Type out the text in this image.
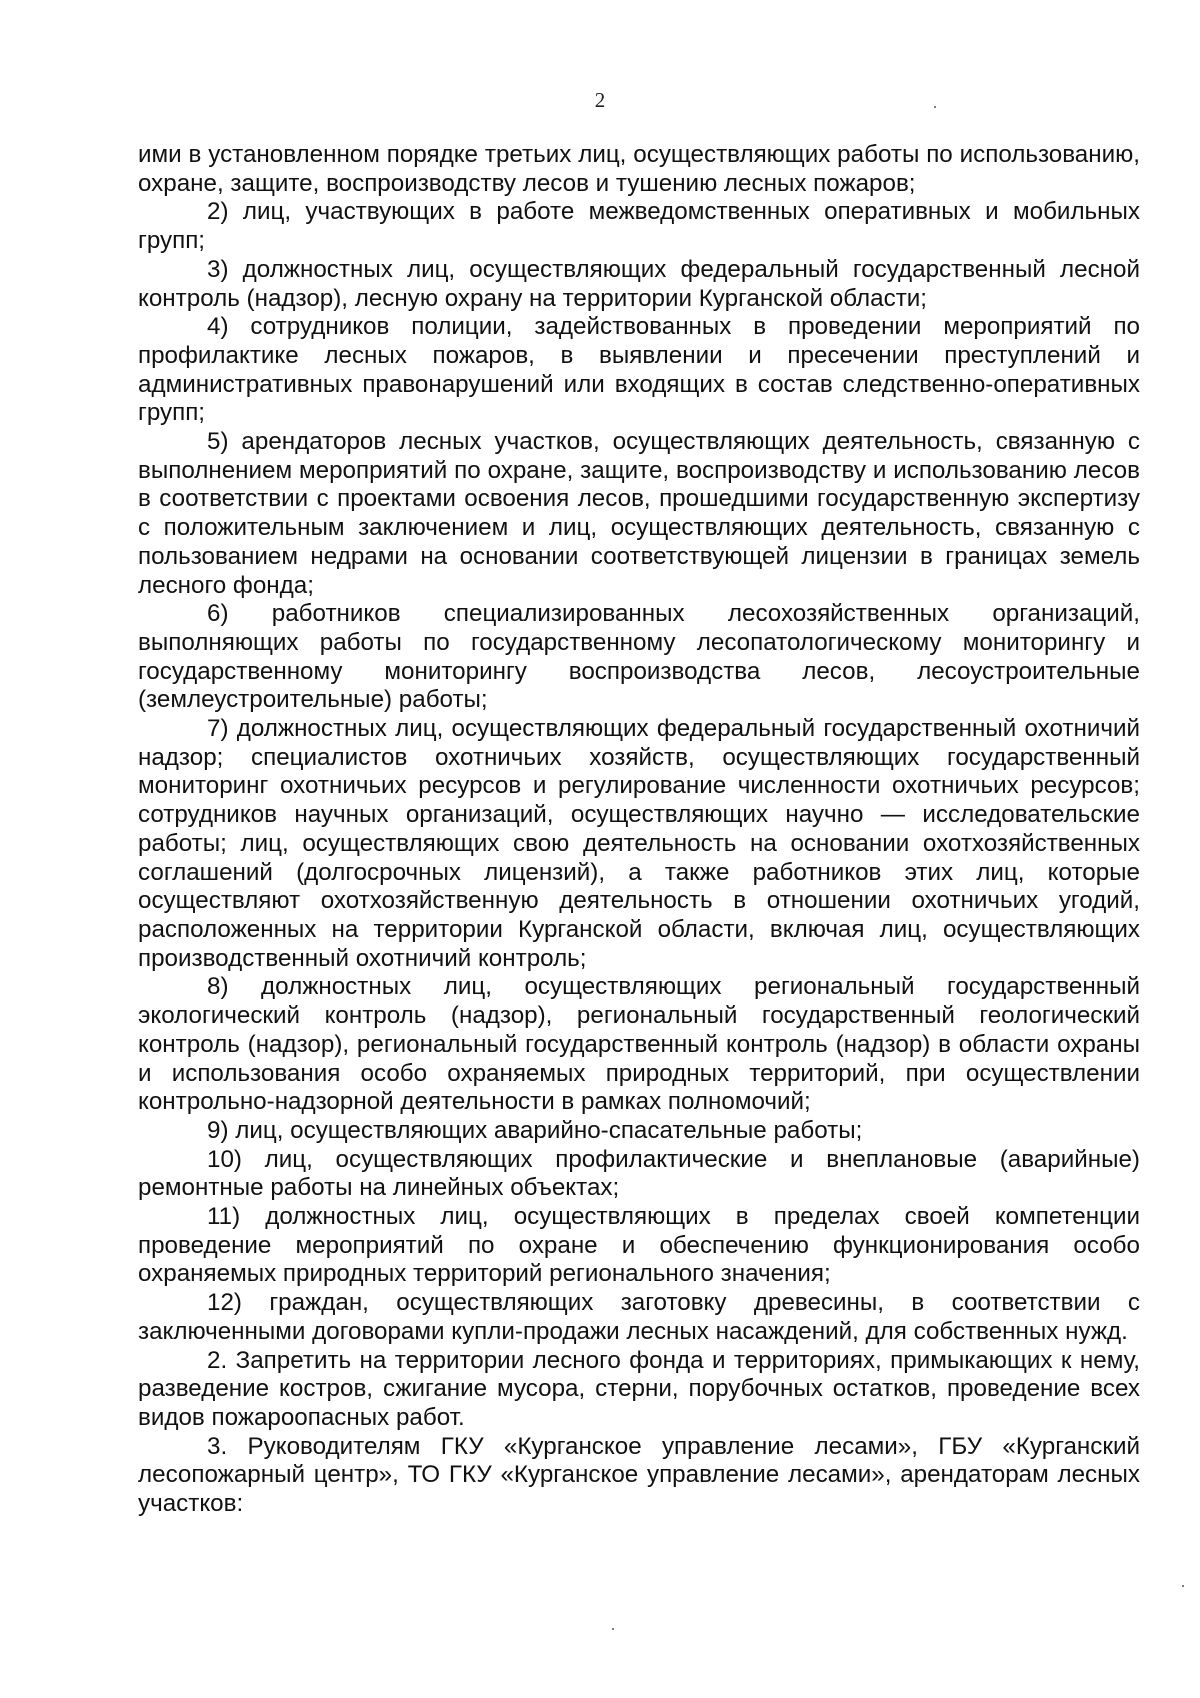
2

ими в установленном порядке третьих лиц, осуществляющих работы по использованию, охране, защите, воспроизводству лесов и тушению лесных пожаров;

2) лиц, участвующих в работе межведомственных оперативных и мобильных групп;

3) должностных лиц, осуществляющих федеральный государственный лесной контроль (надзор), лесную охрану на территории Курганской области;

4) сотрудников полиции, задействованных в проведении мероприятий по профилактике лесных пожаров, в выявлении и пресечении преступлений и административных правонарушений или входящих в состав следственно-оперативных групп;

5) арендаторов лесных участков, осуществляющих деятельность, связанную с выполнением мероприятий по охране, защите, воспроизводству и использованию лесов в соответствии с проектами освоения лесов, прошедшими государственную экспертизу с положительным заключением и лиц, осуществляющих деятельность, связанную с пользованием недрами на основании соответствующей лицензии в границах земель лесного фонда;

6) работников специализированных лесохозяйственных организаций, выполняющих работы по государственному лесопатологическому мониторингу и государственному мониторингу воспроизводства лесов, лесоустроительные (землеустроительные) работы;

7) должностных лиц, осуществляющих федеральный государственный охотничий надзор; специалистов охотничьих хозяйств, осуществляющих государственный мониторинг охотничьих ресурсов и регулирование численности охотничьих ресурсов; сотрудников научных организаций, осуществляющих научно — исследовательские работы; лиц, осуществляющих свою деятельность на основании охотхозяйственных соглашений (долгосрочных лицензий), а также работников этих лиц, которые осуществляют охотхозяйственную деятельность в отношении охотничьих угодий, расположенных на территории Курганской области, включая лиц, осуществляющих производственный охотничий контроль;

8) должностных лиц, осуществляющих региональный государственный экологический контроль (надзор), региональный государственный геологический контроль (надзор), региональный государственный контроль (надзор) в области охраны и использования особо охраняемых природных территорий, при осуществлении контрольно-надзорной деятельности в рамках полномочий;

9) лиц, осуществляющих аварийно-спасательные работы;

10) лиц, осуществляющих профилактические и внеплановые (аварийные) ремонтные работы на линейных объектах;

11) должностных лиц, осуществляющих в пределах своей компетенции проведение мероприятий по охране и обеспечению функционирования особо охраняемых природных территорий регионального значения;

12) граждан, осуществляющих заготовку древесины, в соответствии с заключенными договорами купли-продажи лесных насаждений, для собственных нужд.

2. Запретить на территории лесного фонда и территориях, примыкающих к нему, разведение костров, сжигание мусора, стерни, порубочных остатков, проведение всех видов пожароопасных работ.

3. Руководителям ГКУ «Курганское управление лесами», ГБУ «Курганский лесопожарный центр», ТО ГКУ «Курганское управление лесами», арендаторам лесных участков:
